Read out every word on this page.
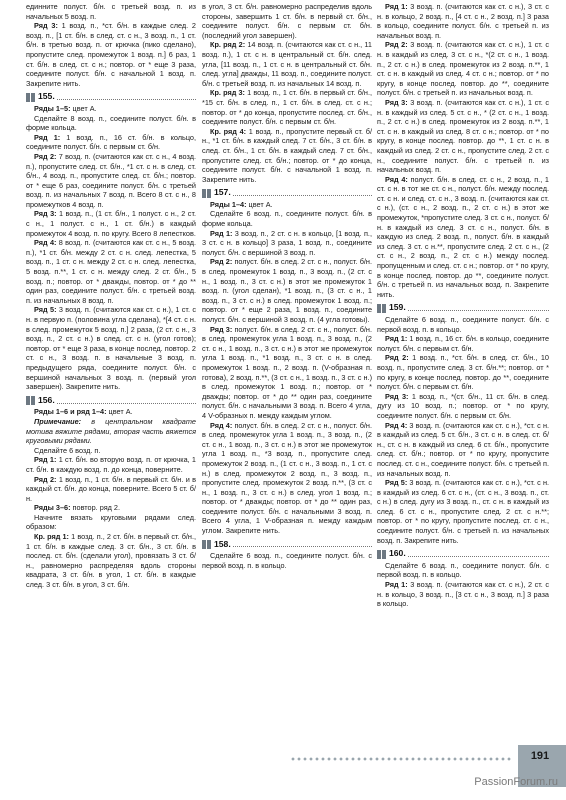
единните полуст. б/н. с третьей возд. п. из начальных 5 возд. п.

Ряд 3: 1 возд. п., *ст. б/н. в каждые след. 2 возд. п., [1 ст. б/н. в след. ст. с н., 3 возд. п., 1 ст. б/н. в третью возд. п. от крючка (пико сделано), пропустите след. промежуток 1 возд. п.] 6 раз, 1 ст. б/н. в след. ст. с н.; повтор. от * еще 3 раза, соедините полуст. б/н. с начальной 1 возд. п. Закрепите нить.

155.

Ряды 1–5: цвет А.

Сделайте 8 возд. п., соедините полуст. б/н. в форме кольца.

Ряд 1: 1 возд. п., 16 ст. б/н. в кольцо, соедините полуст. б/н. с первым ст. б/н.

Ряд 2: 7 возд. п. (считаются как ст. с н., 4 возд. п.), пропустите след. ст. б/н., *1 ст. с н. в след. ст. б/н., 4 возд. п., пропустите след. ст. б/н.; повтор. от * еще 6 раз, соедините полуст. б/н. с третьей возд. п. из начальных 7 возд. п. Всего 8 ст. с н., 8 промежутков 4 возд. п.

Ряд 3: 1 возд. п., (1 ст. б/н., 1 полуст. с н., 2 ст. с н., 1 полуст. с н., 1 ст. б/н.) в каждый промежуток 4 возд. п. по кругу. Всего 8 лепестков.

Ряд 4: 8 возд. п. (считаются как ст. с н., 5 возд. п.), *1 ст. б/н. между 2 ст. с н. след. лепестка, 5 возд. п., 1 ст. с н. между 2 ст. с н. след. лепестка, 5 возд. п.**, 1 ст. с н. между след. 2 ст. б/н., 5 возд. п.; повтор. от * дважды, повтор. от * до ** один раз, соедините полуст. б/н. с третьей возд. п. из начальных 8 возд. п.

Ряд 5: 3 возд. п. (считаются как ст. с н.), 1 ст. с н. в первую п. (половина угла сделана), *[4 ст. с н. в след. промежуток 5 возд. п.] 2 раза, (2 ст. с н., 3 возд. п., 2 ст. с н.) в след. ст. с н. (угол готов); повтор. от * еще 3 раза, в конце послед. повтор. 2 ст. с н., 3 возд. п. в начальные 3 возд. п. предыдущего ряда, соедините полуст. б/н. с вершиной начальных 3 возд. п. (первый угол завершен). Закрепите нить.

156.

Ряды 1–6 и ряд 1–4: цвет А.

Примечание: в центральном квадрате мотива вяжите рядами, вторая часть вяжется круговыми рядами.

Сделайте 6 возд. п.

Ряд 1: 1 ст. б/н. во вторую возд. п. от крючка, 1 ст. б/н. в каждую возд. п. до конца, поверните.

Ряд 2: 1 возд. п., 1 ст. б/н. в первый ст. б/н. и в каждый ст. б/н. до конца, поверните. Всего 5 ст. б/н.

Ряды 3–6: повтор. ряд 2.

Начните вязать круговыми рядами след. образом:

Кр. ряд 1: 1 возд. п., 2 ст. б/н. в первый ст. б/н., 1 ст. б/н. в каждые след. 3 ст. б/н., 3 ст. б/н. в послед. ст. б/н. (сделали угол), провязать 3 ст. б/н., равномерно распределяя вдоль стороны квадрата, 3 ст. б/н. в угол, 1 ст. б/н. в каждые след. 3 ст. б/н. в угол, 3 ст. б/н.

в угол, 3 ст. б/н. равномерно распределив вдоль стороны, завершить 1 ст. б/н. в первый ст. б/н., соедините полуст. б/н. с первым ст. б/н. (последний угол завершен).

Кр. ряд 2: 14 возд. п. (считаются как ст. с н., 11 возд. п.), 1 ст. с н. в центральный ст. б/н. след. угла, [11 возд. п., 1 ст. с н. в центральный ст. б/н. след. угла] дважды, 11 возд. п., соедините полуст. б/н. с третьей возд. п. из начальных 14 возд. п.

Кр. ряд 3: 1 возд. п., 1 ст. б/н. в первый ст. б/н., *15 ст. б/н. в след. п., 1 ст. б/н. в след. ст. с н.; повтор. от * до конца, пропустите послед. ст. б/н., соедините полуст. б/н. с первым ст. б/н.

Кр. ряд 4: 1 возд. п., пропустите первый ст. б/н., *1 ст. б/н. в каждый след. 7 ст. б/н., 3 ст. б/н. в след. ст. б/н., 1 ст. б/н. в каждый след. 7 ст. б/н., пропустите след. ст. б/н.; повтор. от * до конца, соедините полуст. б/н. с начальной 1 возд. п. Закрепите нить.

157.

Ряды 1–4: цвет А.

Сделайте 6 возд. п., соедините полуст. б/н. в форме кольца.

Ряд 1: 3 возд. п., 2 ст. с н. в кольцо, [1 возд. п., 3 ст. с н. в кольцо] 3 раза, 1 возд. п., соедините полуст. б/н. с вершиной 3 возд. п.

Ряд 2: полуст. б/н. в след. 2 ст. с н., полуст. б/н. в след. промежуток 1 возд. п., 3 возд. п., (2 ст. с н., 1 возд. п., 3 ст. с н.) в этот же промежуток 1 возд. п. (угол сделан), *1 возд. п., (3 ст. с н., 1 возд. п., 3 ст. с н.) в след. промежуток 1 возд. п.; повтор. от * еще 2 раза, 1 возд. п., соедините полуст. б/н. с вершиной 3 возд. п. (4 угла готовы).

Ряд 3: полуст. б/н. в след. 2 ст. с н., полуст. б/н. в след. промежуток угла 1 возд. п., 3 возд. п., (2 ст. с н., 1 возд. п., 3 ст. с н.) в этот же промежуток угла 1 возд. п., *1 возд. п., 3 ст. с н. в след. промежуток 1 возд. п., 2 возд. п. (V-образная п. готова), 2 возд. п.**, (3 ст. с н., 1 возд. п., 3 ст. с н.) в след. промежуток 1 возд. п.; повтор. от * дважды; повтор. от * до ** один раз, соедините полуст. б/н. с начальными 3 возд. п. Всего 4 угла, 4 V-образных п. между каждым углом.

Ряд 4: полуст. б/н. в след. 2 ст. с н., полуст. б/н. в след. промежуток угла 1 возд. п., 3 возд. п., (2 ст. с н., 1 возд. п., 3 ст. с н.) в этот же промежуток угла 1 возд. п., *3 возд. п., пропустите след. промежуток 2 возд. п., (1 ст. с н., 3 возд. п., 1 ст. с н.) в след. промежуток 2 возд. п., 3 возд. п., пропустите след. промежуток 2 возд. п.**, (3 ст. с н., 1 возд. п., 3 ст. с н.) в след. угол 1 возд. п.; повтор. от * дважды; повтор. от * до ** один раз, соедините полуст. б/н. с начальными 3 возд. п. Всего 4 угла, 1 V-образная п. между каждым углом. Закрепите нить.

158.

Сделайте 6 возд. п., соедините полуст. б/н. с первой возд. п. в кольцо.

Ряд 1: 3 возд. п. (считаются как ст. с н.), 3 ст. с н. в кольцо, 2 возд. п., [4 ст. с н., 2 возд. п.] 3 раза в кольцо, соедините полуст. б/н. с третьей п. из начальных возд. п.

Ряд 2: 3 возд. п. (считаются как ст. с н.), 1 ст. с н. в каждый из след. 3 ст. с н., *(2 ст. с н., 1 возд. п., 2 ст. с н.) в след. промежуток из 2 возд. п.**, 1 ст. с н. в каждый из след. 4 ст. с н.; повтор. от * по кругу, в конце послед. повтор. до **, соедините полуст. б/н. с третьей п. из начальных возд. п.

Ряд 3: 3 возд. п. (считаются как ст. с н.), 1 ст. с н. в каждый из след. 5 ст. с н., * (2 ст. с н., 1 возд. п., 2 ст. с н.) в след. промежуток из 2 возд. п.**, 1 ст. с н. в каждый из след. 8 ст. с н.; повтор. от * по кругу, в конце послед. повтор. до **, 1 ст. с н. в каждый из след. 2 ст. с н., пропустите след. 2 ст. с н., соедините полуст. б/н. с третьей п. из начальных возд. п.

Ряд 4: полуст. б/н. в след. ст. с н., 2 возд. п., 1 ст. с н. в тот же ст. с н., полуст. б/н. между послед. ст. с н. и след. ст. с н., 3 возд. п. (считаются как ст. с н.), (ст. с н., 2 возд. п., 2 ст. с н.) в этот же промежуток, *пропустите след. 3 ст. с н., полуст. б/н. в каждый из след. 3 ст. с н., полуст. б/н. в каждую из след. 2 возд. п., полуст. б/н. в каждый из след. 3 ст. с н.**, пропустите след. 2 ст. с н., (2 ст. с н., 2 возд. п., 2 ст. с н.) между послед. пропущенным и след. ст. с н.; повтор. от * по кругу, в конце послед. повтор. до **, соедините полуст. б/н. с третьей п. из начальных возд. п. Закрепите нить.

159.

Сделайте 6 возд. п., соедините полуст. б/н. с первой возд. п. в кольцо.

Ряд 1: 1 возд. п., 16 ст. б/н. в кольцо, соедините полуст. б/н. с первым ст. б/н.

Ряд 2: 1 возд. п., *ст. б/н. в след. ст. б/н., 10 возд. п., пропустите след. 3 ст. б/н.**; повтор. от * по кругу, в конце послед. повтор. до **, соедините полуст. б/н. с первым ст. б/н.

Ряд 3: 1 возд. п., *(ст. б/н., 11 ст. б/н. в след. дугу из 10 возд. п.; повтор. от * по кругу, соедините полуст. б/н. с первым ст. б/н.

Ряд 4: 3 возд. п. (считаются как ст. с н.), *ст. с н. в каждый из след. 5 ст. б/н., 3 ст. с н. в след. ст. б/н., ст. с н. в каждый из след. 6 ст. б/н., пропустите след. ст. б/н.; повтор. от * по кругу, пропустите послед. ст. с н., соедините полуст. б/н. с третьей п. из начальных возд. п.

Ряд 5: 3 возд. п. (считаются как ст. с н.), *ст. с н. в каждый из след. 6 ст. с н., (ст. с н., 3 возд. п., ст. с н.) в след. дугу из 3 возд. п., ст. с н. в каждый из след. 6 ст. с н., пропустите след. 2 ст. с н.**; повтор. от * по кругу, пропустите послед. ст. с н., соедините полуст. б/н. с третьей п. из начальных возд. п. Закрепите нить.

160.

Сделайте 6 возд. п., соедините полуст. б/н. с первой возд. п. в кольцо.

Ряд 1: 3 возд. п. (считаются как ст. с н.), 2 ст. с н. в кольцо, 3 возд. п., [3 ст. с н., 3 возд. п.] 3 раза в кольцо.

191
PassionForum.ru
